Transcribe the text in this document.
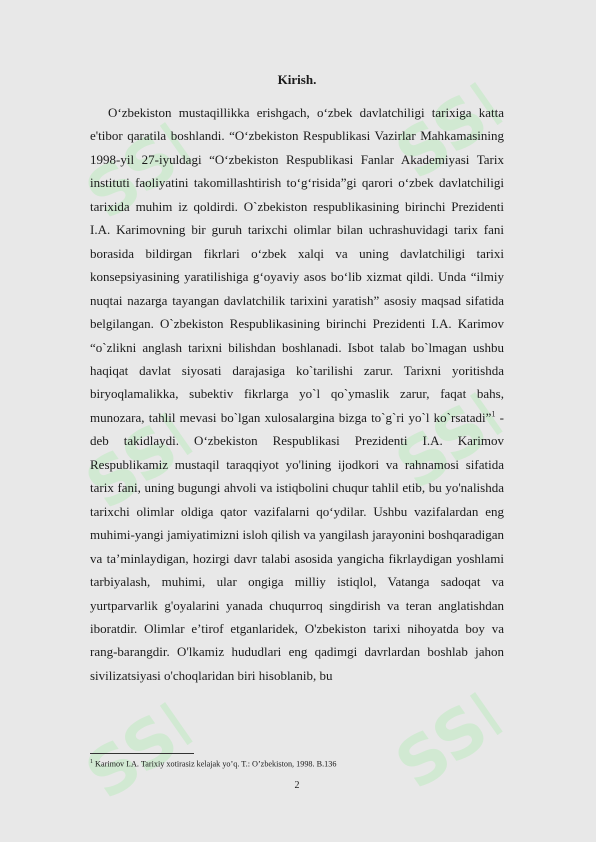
SSF	SSF
SSF	SSF
SSF	SSF
Kirish.
O‘zbekiston mustaqillikka erishgach, o‘zbek davlatchiligi tarixiga katta e'tibor qaratila boshlandi. “O‘zbekiston Respublikasi Vazirlar Mahkamasining 1998-yil 27-iyuldagi “O‘zbekiston Respublikasi Fanlar Akademiyasi Tarix instituti faoliyatini takomillashtirish to‘g‘risida”gi qarori o‘zbek davlatchiligi tarixida muhim iz qoldirdi. O`zbekiston respublikasining birinchi Prezidenti I.A. Karimovning bir guruh tarixchi olimlar bilan uchrashuvidagi tarix fani borasida bildirgan fikrlari o‘zbek xalqi va uning davlatchiligi tarixi konsepsiyasining yaratilishiga g‘oyaviy asos bo‘lib xizmat qildi. Unda “ilmiy nuqtai nazarga tayangan davlatchilik tarixini yaratish” asosiy maqsad sifatida belgilangan. O`zbekiston Respublikasining birinchi Prezidenti I.A. Karimov “o`zlikni anglash tarixni bilishdan boshlanadi. Isbot talab bo`lmagan ushbu haqiqat davlat siyosati darajasiga ko`tarilishi zarur. Tarixni yoritishda biryoqlamalikka, subektiv fikrlarga yo`l qo`ymaslik zarur, faqat bahs, munozara, tahlil mevasi bo`lgan xulosalargina bizga to`g`ri yo`l ko`rsatadi”$^1$ - deb takidlaydi. O‘zbekiston Respublikasi Prezidenti I.A. Karimov Respublikamiz mustaqil taraqqiyot yo'lining ijodkori va rahnamosi sifatida tarix fani, uning bugungi ahvoli va istiqbolini chuqur tahlil etib, bu yo'nalishda tarixchi olimlar oldiga qator vazifalarni qo‘ydilar. Ushbu vazifalardan eng muhimi-yangi jamiyatimizni isloh qilish va yangilash jarayonini boshqaradigan va ta’minlaydigan, hozirgi davr talabi asosida yangicha fikrlaydigan yoshlami tarbiyalash, muhimi, ular ongiga milliy istiqlol, Vatanga sadoqat va yurtparvarlik g'oyalarini yanada chuqurroq singdirish va teran anglatishdan iboratdir. Olimlar e’tirof etganlaridek, O'zbekiston tarixi nihoyatda boy va rang-barangdir. O'lkamiz hududlari eng qadimgi davrlardan boshlab jahon sivilizatsiyasi o'choqlaridan biri hisoblanib, bu
$^1$ Karimov I.A. Tarixiy xotirasiz kelajak yo’q. T.: O’zbekiston, 1998. B.136
2
